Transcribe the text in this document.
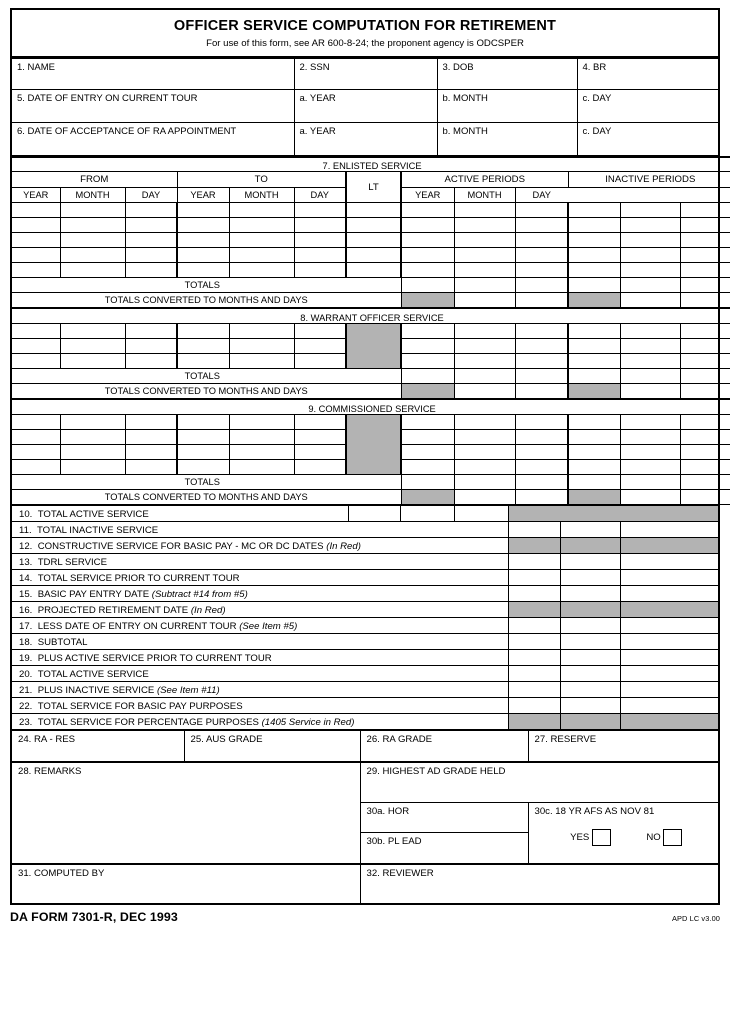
OFFICER SERVICE COMPUTATION FOR RETIREMENT
For use of this form, see AR 600-8-24; the proponent agency is ODCSPER
1. NAME	2. SSN	3. DOB	4. BR
5. DATE OF ENTRY ON CURRENT TOUR	a. YEAR	b. MONTH	c. DAY
6. DATE OF ACCEPTANCE OF RA APPOINTMENT	a. YEAR	b. MONTH	c. DAY
7. ENLISTED SERVICE												
FROM			TO			LT	ACTIVE PERIODS			INACTIVE PERIODS		
YEAR	MONTH	DAY	YEAR	MONTH	DAY		YEAR	MONTH	DAY			

TOTALS												
TOTALS CONVERTED TO MONTHS AND DAYS												
8. WARRANT OFFICER SERVICE												

TOTALS												
TOTALS CONVERTED TO MONTHS AND DAYS												
9. COMMISSIONED SERVICE												

TOTALS												
TOTALS CONVERTED TO MONTHS AND DAYS												
10. TOTAL ACTIVE SERVICE						
11. TOTAL INACTIVE SERVICE						
12. CONSTRUCTIVE SERVICE FOR BASIC PAY - MC OR DC DATES (In Red)						
13. TDRL SERVICE						
14. TOTAL SERVICE PRIOR TO CURRENT TOUR						
15. BASIC PAY ENTRY DATE (Subtract #14 from #5)						
16. PROJECTED RETIREMENT DATE (In Red)						
17. LESS DATE OF ENTRY ON CURRENT TOUR (See Item #5)						
18. SUBTOTAL						
19. PLUS ACTIVE SERVICE PRIOR TO CURRENT TOUR						
20. TOTAL ACTIVE SERVICE						
21. PLUS INACTIVE SERVICE (See Item #11)						
22. TOTAL SERVICE FOR BASIC PAY PURPOSES						
23. TOTAL SERVICE FOR PERCENTAGE PURPOSES (1405 Service in Red)						
24. RA - RES	25. AUS GRADE	26. RA GRADE	27. RESERVE
28. REMARKS	29. HIGHEST AD GRADE HELD	
	30a. HOR	30c. 18 YR AFS AS NOV 81
YES NO

	30b. PL EAD	
31. COMPUTED BY	32. REVIEWER
DA FORM 7301-R, DEC 1993	APD LC v3.00
